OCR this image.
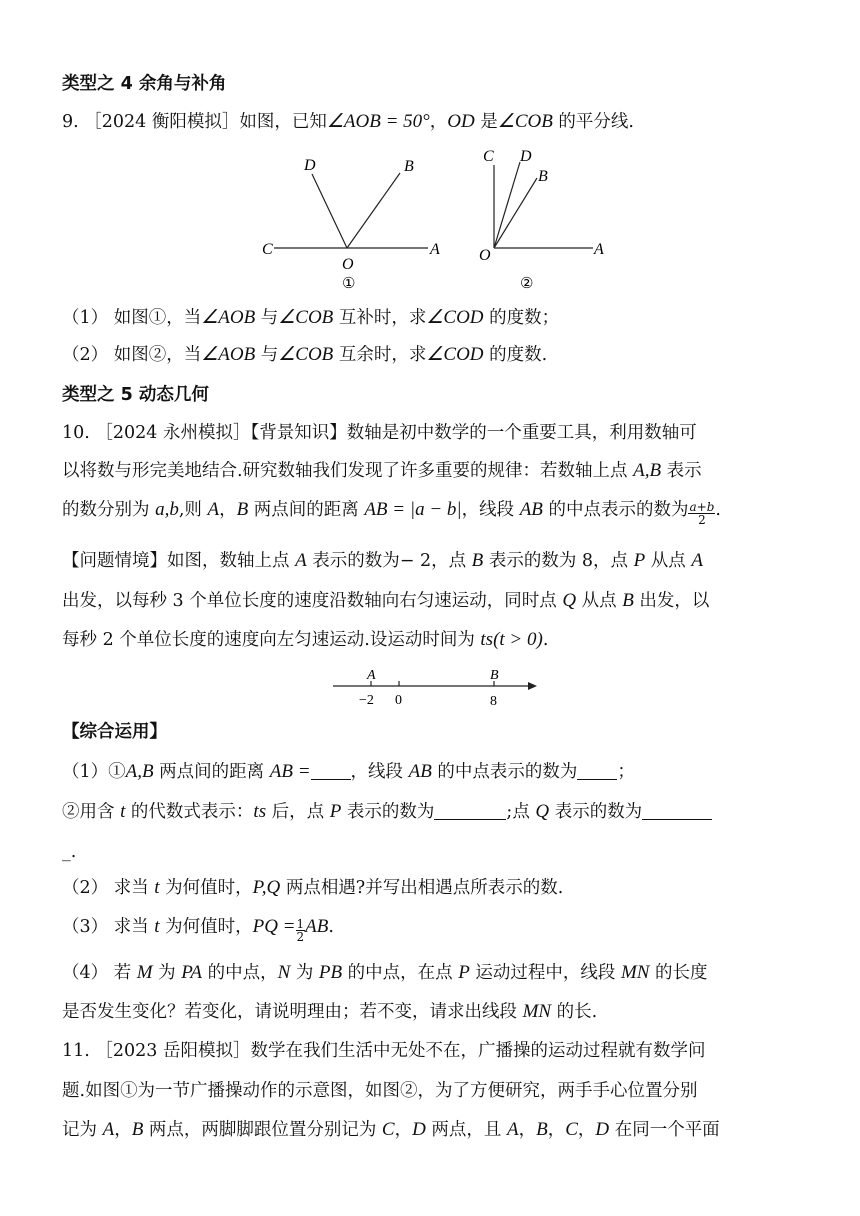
类型之 4 余角与补角
9. ［2024 衡阳模拟］如图，已知∠AOB = 50°，OD 是∠COB 的平分线.
D	B
C
O
A
①
C D
B
O	A
②
（1） 如图①，当∠AOB 与∠COB 互补时，求∠COD 的度数；
（2） 如图②，当∠AOB 与∠COB 互余时，求∠COD 的度数.
类型之 5 动态几何
10. ［2024 永州模拟］【背景知识】数轴是初中数学的一个重要工具，利用数轴可
以将数与形完美地结合.研究数轴我们发现了许多重要的规律：若数轴上点 A,B 表示
的数分别为 a,b,则 A，B 两点间的距离 AB = |a − b|，线段 AB 的中点表示的数为 $\frac{a+b}{2}$ .
【问题情境】如图，数轴上点 A 表示的数为− 2，点 B 表示的数为 8，点 P 从点 A
出发，以每秒 3 个单位长度的速度沿数轴向右匀速运动，同时点 Q 从点 B 出发，以
每秒 2 个单位长度的速度向左匀速运动.设运动时间为 ts(t > 0).
A	B
−2 0	8
【综合运用】
（1）①A,B 两点间的距离 AB = ，线段 AB 的中点表示的数为 ；
②用含 t 的代数式表示：ts 后，点 P 表示的数为	;点 Q 表示的数为
_.
（2） 求当 t 为何值时，P,Q 两点相遇?并写出相遇点所表示的数.
（3） 求当 t 为何值时，PQ = $\frac{1}{2}$ AB.
（4） 若 M 为 PA 的中点，N 为 PB 的中点，在点 P 运动过程中，线段 MN 的长度
是否发生变化？若变化，请说明理由；若不变，请求出线段 MN 的长.
11. ［2023 岳阳模拟］数学在我们生活中无处不在，广播操的运动过程就有数学问
题.如图①为一节广播操动作的示意图，如图②，为了方便研究，两手手心位置分别
记为 A，B 两点，两脚脚跟位置分别记为 C，D 两点，且 A，B，C，D 在同一个平面
